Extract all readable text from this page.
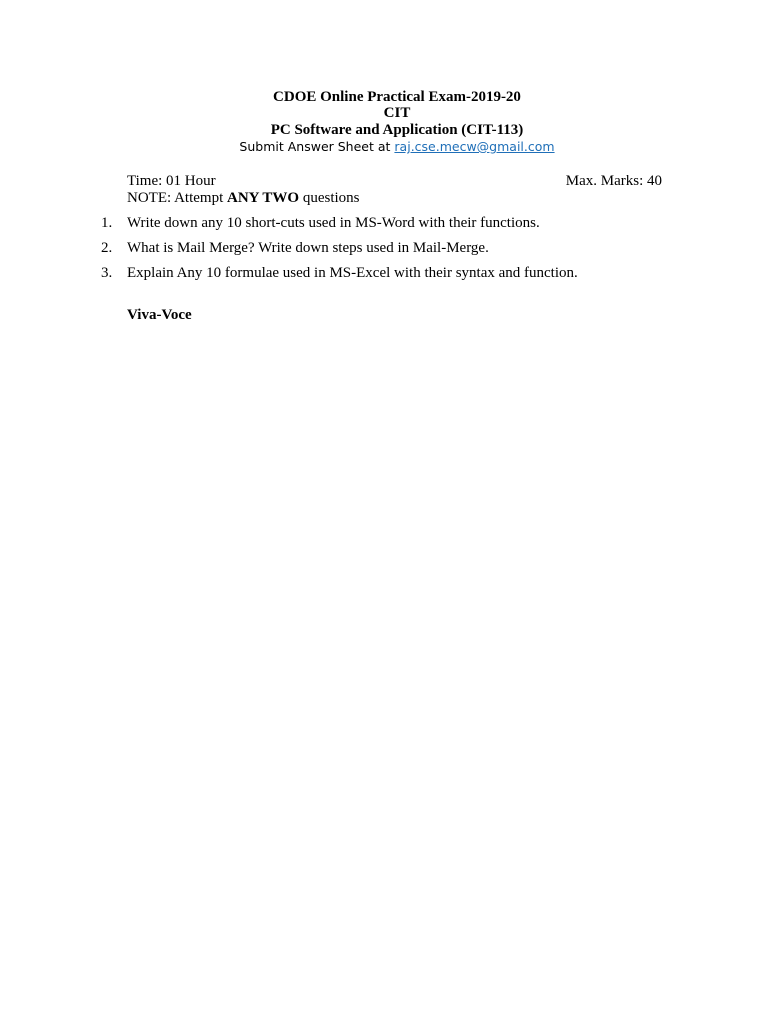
CDOE Online Practical Exam-2019-20
CIT
PC Software and Application (CIT-113)
Submit Answer Sheet at raj.cse.mecw@gmail.com
Time: 01 Hour	Max. Marks: 40
NOTE: Attempt ANY TWO questions
1. Write down any 10 short-cuts used in MS-Word with their functions.
2. What is Mail Merge? Write down steps used in Mail-Merge.
3. Explain Any 10 formulae used in MS-Excel with their syntax and function.
Viva-Voce
